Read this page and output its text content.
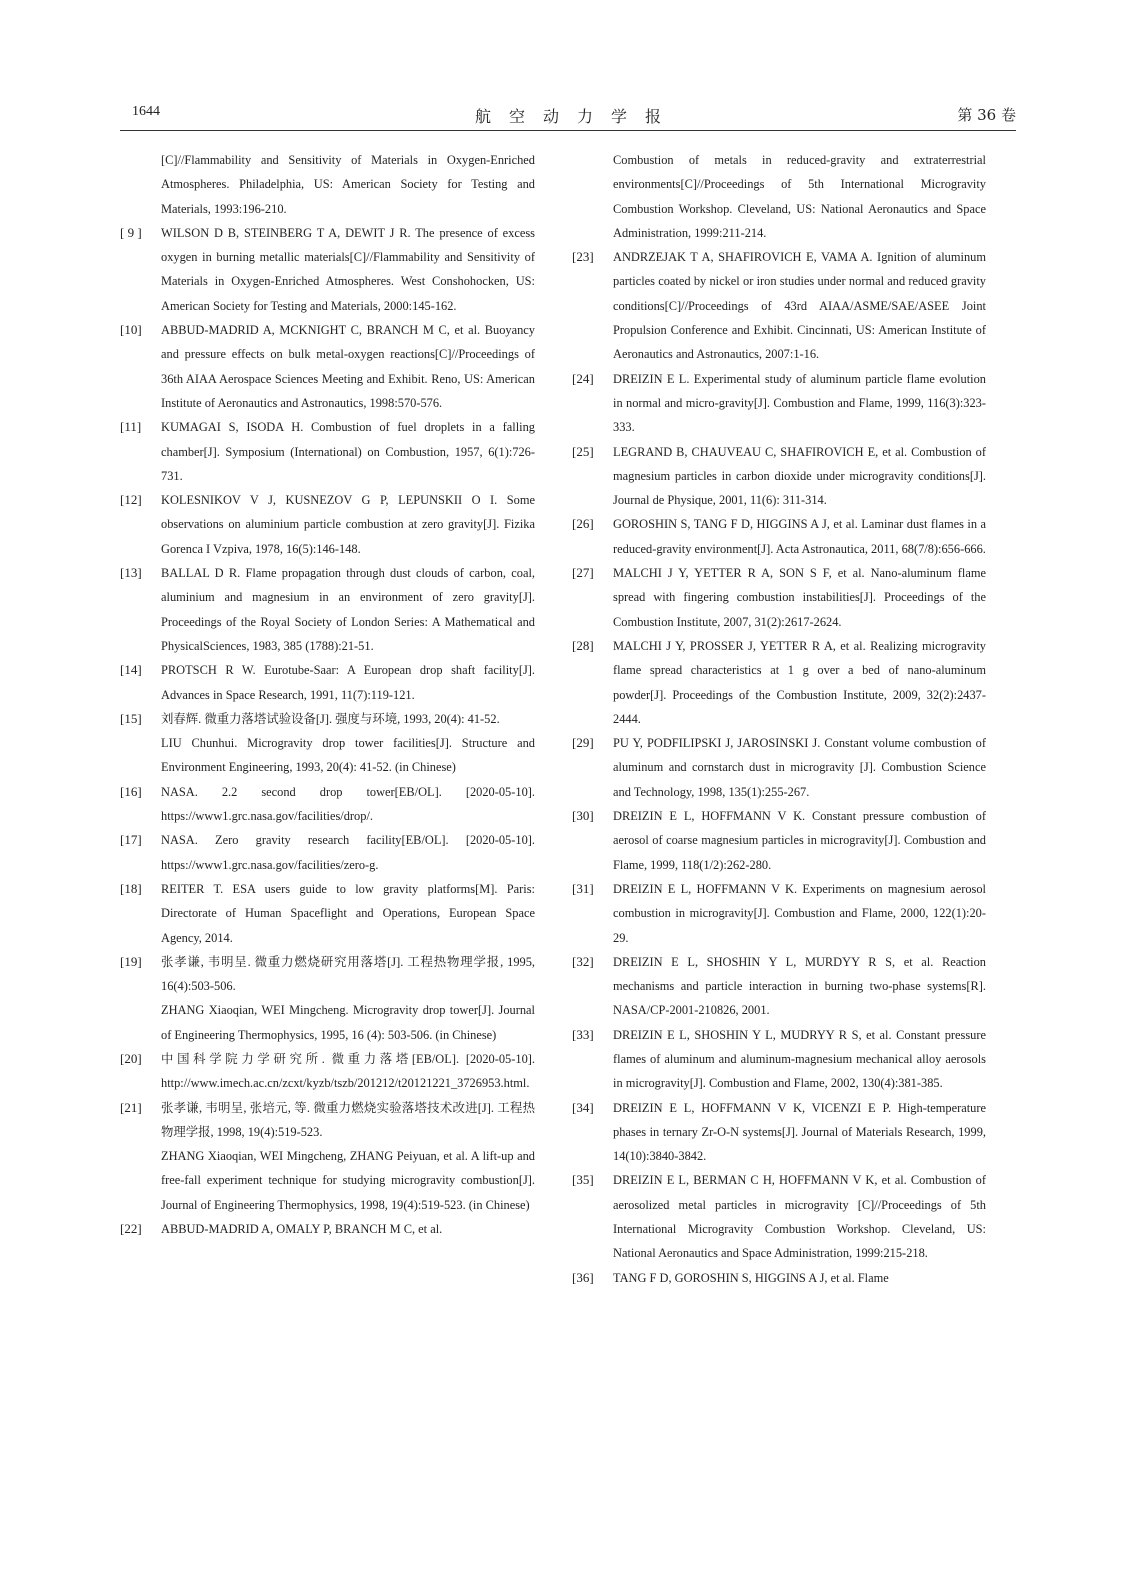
1644	航空动力学报	第 36 卷
[C]//Flammability and Sensitivity of Materials in Oxygen-Enriched Atmospheres. Philadelphia, US: American Society for Testing and Materials, 1993:196-210.
[ 9 ] WILSON D B, STEINBERG T A, DEWIT J R. The presence of excess oxygen in burning metallic materials[C]//Flammability and Sensitivity of Materials in Oxygen-Enriched Atmospheres. West Conshohocken, US: American Society for Testing and Materials, 2000:145-162.
[10] ABBUD-MADRID A, MCKNIGHT C, BRANCH M C, et al. Buoyancy and pressure effects on bulk metal-oxygen reactions[C]//Proceedings of 36th AIAA Aerospace Sciences Meeting and Exhibit. Reno, US: American Institute of Aeronautics and Astronautics, 1998:570-576.
[11] KUMAGAI S, ISODA H. Combustion of fuel droplets in a falling chamber[J]. Symposium (International) on Combustion, 1957, 6(1):726-731.
[12] KOLESNIKOV V J, KUSNEZOV G P, LEPUNSKII O I. Some observations on aluminium particle combustion at zero gravity[J]. Fizika Gorenca I Vzpiva, 1978, 16(5):146-148.
[13] BALLAL D R. Flame propagation through dust clouds of carbon, coal, aluminium and magnesium in an environment of zero gravity[J]. Proceedings of the Royal Society of London Series: A Mathematical and PhysicalSciences, 1983, 385 (1788):21-51.
[14] PROTSCH R W. Eurotube-Saar: A European drop shaft facility[J]. Advances in Space Research, 1991, 11(7):119-121.
[15] 刘春辉. 微重力落塔试验设备[J]. 强度与环境, 1993, 20(4): 41-52.
LIU Chunhui. Microgravity drop tower facilities[J]. Structure and Environment Engineering, 1993, 20(4): 41-52. (in Chinese)
[16] NASA. 2.2 second drop tower[EB/OL]. [2020-05-10]. https://www1.grc.nasa.gov/facilities/drop/.
[17] NASA. Zero gravity research facility[EB/OL]. [2020-05-10]. https://www1.grc.nasa.gov/facilities/zero-g.
[18] REITER T. ESA users guide to low gravity platforms[M]. Paris: Directorate of Human Spaceflight and Operations, European Space Agency, 2014.
[19] 张孝谦, 韦明呈. 微重力燃烧研究用落塔[J]. 工程热物理学报, 1995, 16(4):503-506.
ZHANG Xiaoqian, WEI Mingcheng. Microgravity drop tower[J]. Journal of Engineering Thermophysics, 1995, 16 (4): 503-506. (in Chinese)
[20] 中国科学院力学研究所. 微重力落塔[EB/OL]. [2020-05-10]. http://www.imech.ac.cn/zcxt/kyzb/tszb/201212/t20121221_3726953.html.
[21] 张孝谦, 韦明呈, 张培元, 等. 微重力燃烧实验落塔技术改进[J]. 工程热物理学报, 1998, 19(4):519-523.
ZHANG Xiaoqian, WEI Mingcheng, ZHANG Peiyuan, et al. A lift-up and free-fall experiment technique for studying microgravity combustion[J]. Journal of Engineering Thermophysics, 1998, 19(4):519-523. (in Chinese)
[22] ABBUD-MADRID A, OMALY P, BRANCH M C, et al.
Combustion of metals in reduced-gravity and extraterrestrial environments[C]//Proceedings of 5th International Microgravity Combustion Workshop. Cleveland, US: National Aeronautics and Space Administration, 1999:211-214.
[23] ANDRZEJAK T A, SHAFIROVICH E, VAMA A. Ignition of aluminum particles coated by nickel or iron studies under normal and reduced gravity conditions[C]//Proceedings of 43rd AIAA/ASME/SAE/ASEE Joint Propulsion Conference and Exhibit. Cincinnati, US: American Institute of Aeronautics and Astronautics, 2007:1-16.
[24] DREIZIN E L. Experimental study of aluminum particle flame evolution in normal and micro-gravity[J]. Combustion and Flame, 1999, 116(3):323-333.
[25] LEGRAND B, CHAUVEAU C, SHAFIROVICH E, et al. Combustion of magnesium particles in carbon dioxide under microgravity conditions[J]. Journal de Physique, 2001, 11(6): 311-314.
[26] GOROSHIN S, TANG F D, HIGGINS A J, et al. Laminar dust flames in a reduced-gravity environment[J]. Acta Astronautica, 2011, 68(7/8):656-666.
[27] MALCHI J Y, YETTER R A, SON S F, et al. Nano-aluminum flame spread with fingering combustion instabilities[J]. Proceedings of the Combustion Institute, 2007, 31(2):2617-2624.
[28] MALCHI J Y, PROSSER J, YETTER R A, et al. Realizing microgravity flame spread characteristics at 1 g over a bed of nano-aluminum powder[J]. Proceedings of the Combustion Institute, 2009, 32(2):2437-2444.
[29] PU Y, PODFILIPSKI J, JAROSINSKI J. Constant volume combustion of aluminum and cornstarch dust in microgravity [J]. Combustion Science and Technology, 1998, 135(1):255-267.
[30] DREIZIN E L, HOFFMANN V K. Constant pressure combustion of aerosol of coarse magnesium particles in microgravity[J]. Combustion and Flame, 1999, 118(1/2):262-280.
[31] DREIZIN E L, HOFFMANN V K. Experiments on magnesium aerosol combustion in microgravity[J]. Combustion and Flame, 2000, 122(1):20-29.
[32] DREIZIN E L, SHOSHIN Y L, MURDYY R S, et al. Reaction mechanisms and particle interaction in burning two-phase systems[R]. NASA/CP-2001-210826, 2001.
[33] DREIZIN E L, SHOSHIN Y L, MUDRYY R S, et al. Constant pressure flames of aluminum and aluminum-magnesium mechanical alloy aerosols in microgravity[J]. Combustion and Flame, 2002, 130(4):381-385.
[34] DREIZIN E L, HOFFMANN V K, VICENZI E P. High-temperature phases in ternary Zr-O-N systems[J]. Journal of Materials Research, 1999, 14(10):3840-3842.
[35] DREIZIN E L, BERMAN C H, HOFFMANN V K, et al. Combustion of aerosolized metal particles in microgravity [C]//Proceedings of 5th International Microgravity Combustion Workshop. Cleveland, US: National Aeronautics and Space Administration, 1999:215-218.
[36] TANG F D, GOROSHIN S, HIGGINS A J, et al. Flame
